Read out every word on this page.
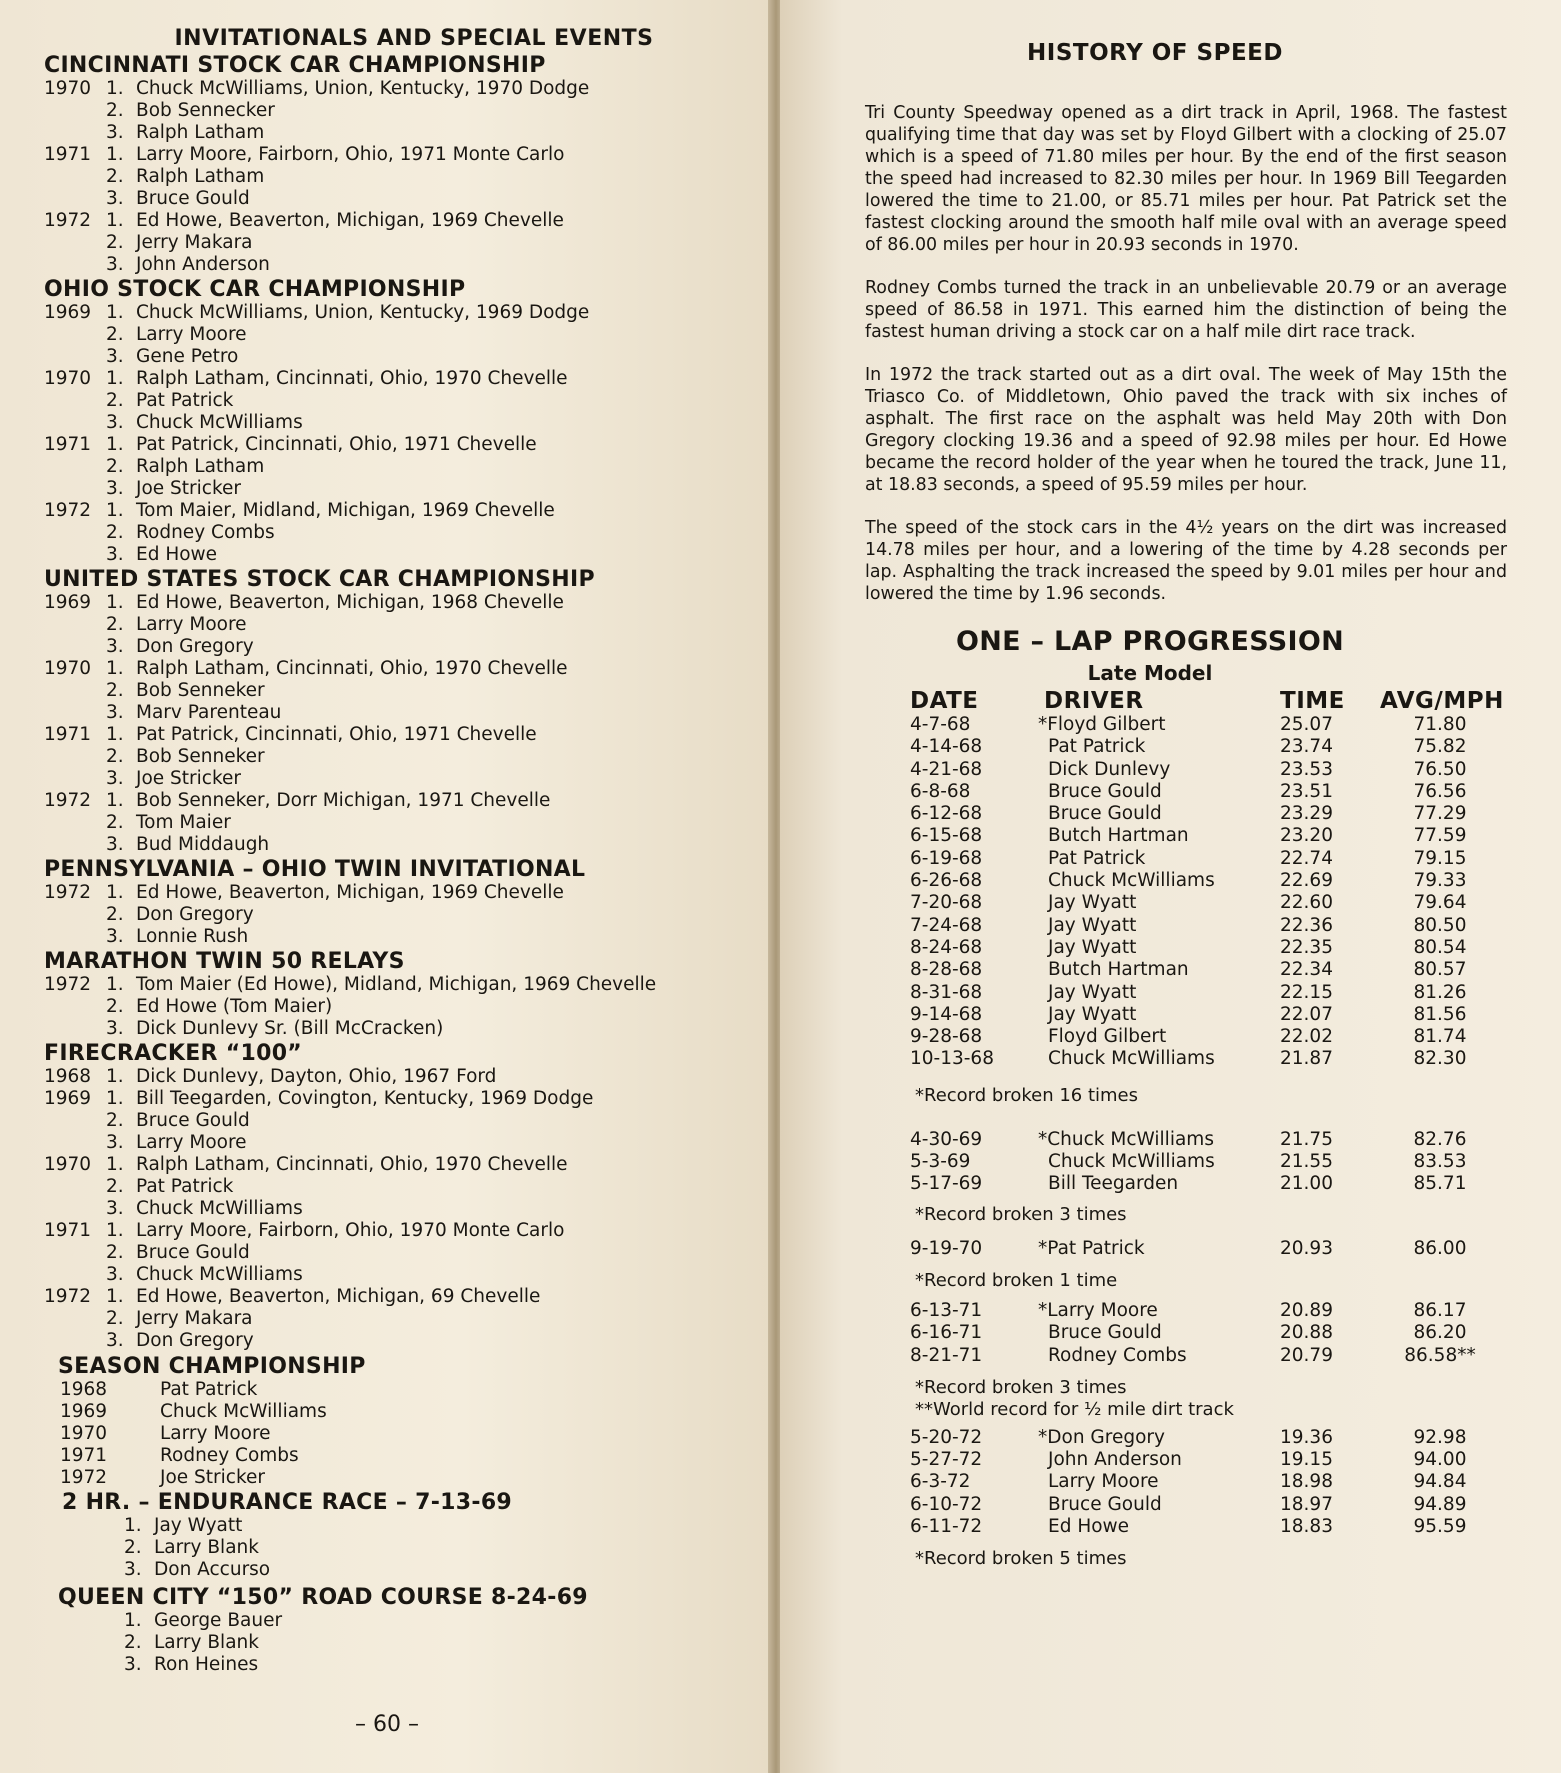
INVITATIONALS AND SPECIAL EVENTS
CINCINNATI STOCK CAR CHAMPIONSHIP
1970 1. Chuck McWilliams, Union, Kentucky, 1970 Dodge
2. Bob Sennecker
3. Ralph Latham
1971 1. Larry Moore, Fairborn, Ohio, 1971 Monte Carlo
2. Ralph Latham
3. Bruce Gould
1972 1. Ed Howe, Beaverton, Michigan, 1969 Chevelle
2. Jerry Makara
3. John Anderson
OHIO STOCK CAR CHAMPIONSHIP
1969 1. Chuck McWilliams, Union, Kentucky, 1969 Dodge
2. Larry Moore
3. Gene Petro
1970 1. Ralph Latham, Cincinnati, Ohio, 1970 Chevelle
2. Pat Patrick
3. Chuck McWilliams
1971 1. Pat Patrick, Cincinnati, Ohio, 1971 Chevelle
2. Ralph Latham
3. Joe Stricker
1972 1. Tom Maier, Midland, Michigan, 1969 Chevelle
2. Rodney Combs
3. Ed Howe
UNITED STATES STOCK CAR CHAMPIONSHIP
1969 1. Ed Howe, Beaverton, Michigan, 1968 Chevelle
2. Larry Moore
3. Don Gregory
1970 1. Ralph Latham, Cincinnati, Ohio, 1970 Chevelle
2. Bob Senneker
3. Marv Parenteau
1971 1. Pat Patrick, Cincinnati, Ohio, 1971 Chevelle
2. Bob Senneker
3. Joe Stricker
1972 1. Bob Senneker, Dorr Michigan, 1971 Chevelle
2. Tom Maier
3. Bud Middaugh
PENNSYLVANIA – OHIO TWIN INVITATIONAL
1972 1. Ed Howe, Beaverton, Michigan, 1969 Chevelle
2. Don Gregory
3. Lonnie Rush
MARATHON TWIN 50 RELAYS
1972 1. Tom Maier (Ed Howe), Midland, Michigan, 1969 Chevelle
2. Ed Howe (Tom Maier)
3. Dick Dunlevy Sr. (Bill McCracken)
FIRECRACKER “100”
1968 1. Dick Dunlevy, Dayton, Ohio, 1967 Ford
1969 1. Bill Teegarden, Covington, Kentucky, 1969 Dodge
2. Bruce Gould
3. Larry Moore
1970 1. Ralph Latham, Cincinnati, Ohio, 1970 Chevelle
2. Pat Patrick
3. Chuck McWilliams
1971 1. Larry Moore, Fairborn, Ohio, 1970 Monte Carlo
2. Bruce Gould
3. Chuck McWilliams
1972 1. Ed Howe, Beaverton, Michigan, 69 Chevelle
2. Jerry Makara
3. Don Gregory
SEASON CHAMPIONSHIP
1968	Pat Patrick
1969	Chuck McWilliams
1970	Larry Moore
1971	Rodney Combs
1972	Joe Stricker
2 HR. – ENDURANCE RACE – 7-13-69
1. Jay Wyatt
2. Larry Blank
3. Don Accurso
QUEEN CITY “150” ROAD COURSE 8-24-69
1. George Bauer
2. Larry Blank
3. Ron Heines
– 60 –
HISTORY OF SPEED
Tri County Speedway opened as a dirt track in April, 1968. The fastest qualifying time that day was set by Floyd Gilbert with a clocking of 25.07 which is a speed of 71.80 miles per hour. By the end of the first season the speed had increased to 82.30 miles per hour. In 1969 Bill Teegarden lowered the time to 21.00, or 85.71 miles per hour. Pat Patrick set the fastest clocking around the smooth half mile oval with an average speed of 86.00 miles per hour in 20.93 seconds in 1970.
Rodney Combs turned the track in an unbelievable 20.79 or an average speed of 86.58 in 1971. This earned him the distinction of being the fastest human driving a stock car on a half mile dirt race track.
In 1972 the track started out as a dirt oval. The week of May 15th the Triasco Co. of Middletown, Ohio paved the track with six inches of asphalt. The first race on the asphalt was held May 20th with Don Gregory clocking 19.36 and a speed of 92.98 miles per hour. Ed Howe became the record holder of the year when he toured the track, June 11, at 18.83 seconds, a speed of 95.59 miles per hour.
The speed of the stock cars in the 4½ years on the dirt was increased 14.78 miles per hour, and a lowering of the time by 4.28 seconds per lap. Asphalting the track increased the speed by 9.01 miles per hour and lowered the time by 1.96 seconds.
ONE – LAP PROGRESSION
Late Model
DATE	DRIVER	TIME	AVG/MPH
4-7-68	*Floyd Gilbert	25.07	71.80
4-14-68	Pat Patrick	23.74	75.82
4-21-68	Dick Dunlevy	23.53	76.50
6-8-68	Bruce Gould	23.51	76.56
6-12-68	Bruce Gould	23.29	77.29
6-15-68	Butch Hartman	23.20	77.59
6-19-68	Pat Patrick	22.74	79.15
6-26-68	Chuck McWilliams	22.69	79.33
7-20-68	Jay Wyatt	22.60	79.64
7-24-68	Jay Wyatt	22.36	80.50
8-24-68	Jay Wyatt	22.35	80.54
8-28-68	Butch Hartman	22.34	80.57
8-31-68	Jay Wyatt	22.15	81.26
9-14-68	Jay Wyatt	22.07	81.56
9-28-68	Floyd Gilbert	22.02	81.74
10-13-68	Chuck McWilliams	21.87	82.30
*Record broken 16 times
4-30-69	*Chuck McWilliams	21.75	82.76
5-3-69	Chuck McWilliams	21.55	83.53
5-17-69	Bill Teegarden	21.00	85.71
*Record broken 3 times
9-19-70	*Pat Patrick	20.93	86.00
*Record broken 1 time
6-13-71	*Larry Moore	20.89	86.17
6-16-71	Bruce Gould	20.88	86.20
8-21-71	Rodney Combs	20.79	86.58**
*Record broken 3 times
**World record for ½ mile dirt track
5-20-72	*Don Gregory	19.36	92.98
5-27-72	John Anderson	19.15	94.00
6-3-72	Larry Moore	18.98	94.84
6-10-72	Bruce Gould	18.97	94.89
6-11-72	Ed Howe	18.83	95.59
*Record broken 5 times
